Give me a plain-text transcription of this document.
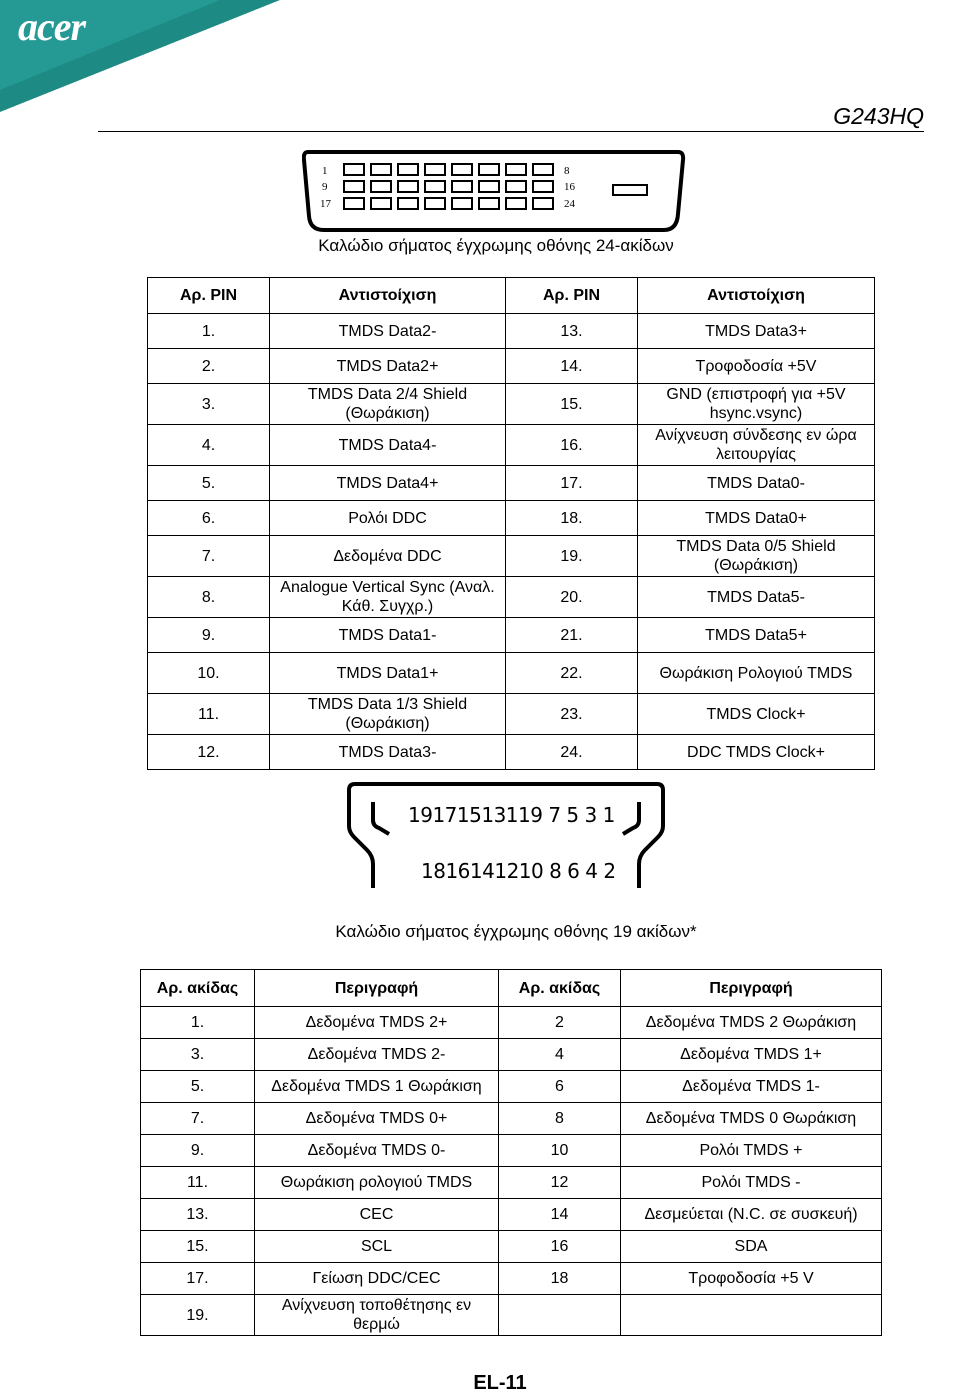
acer
G243HQ
1
9
17
8
16
24
Καλώδιο σήματος έγχρωμης οθόνης 24-ακίδων
Αρ. PIN	Αντιστοίχιση	Αρ. PIN	Αντιστοίχιση
1.	TMDS Data2-	13.	TMDS Data3+
2.	TMDS Data2+	14.	Τροφοδοσία +5V
3.	TMDS Data 2/4 Shield (Θωράκιση)	15.	GND (επιστροφή για +5V hsync.vsync)
4.	TMDS Data4-	16.	Ανίχνευση σύνδεσης εν ώρα λειτουργίας
5.	TMDS Data4+	17.	TMDS Data0-
6.	Ρολόι DDC	18.	TMDS Data0+
7.	Δεδομένα DDC	19.	TMDS Data 0/5 Shield (Θωράκιση)
8.	Analogue Vertical Sync (Αναλ. Κάθ. Συγχρ.)	20.	TMDS Data5-
9.	TMDS Data1-	21.	TMDS Data5+
10.	TMDS Data1+	22.	Θωράκιση Ρολογιού TMDS
11.	TMDS Data 1/3 Shield (Θωράκιση)	23.	TMDS Clock+
12.	TMDS Data3-	24.	DDC TMDS Clock+
19171513119 7 5 3 1
1816141210 8 6 4 2
Καλώδιο σήματος έγχρωμης οθόνης 19 ακίδων*
Αρ. ακίδας	Περιγραφή	Αρ. ακίδας	Περιγραφή
1.	Δεδομένα TMDS 2+	2	Δεδομένα TMDS 2 Θωράκιση
3.	Δεδομένα TMDS 2-	4	Δεδομένα TMDS 1+
5.	Δεδομένα TMDS 1 Θωράκιση	6	Δεδομένα TMDS 1-
7.	Δεδομένα TMDS 0+	8	Δεδομένα TMDS 0 Θωράκιση
9.	Δεδομένα TMDS 0-	10	Ρολόι TMDS +
11.	Θωράκιση ρολογιού TMDS	12	Ρολόι TMDS -
13.	CEC	14	Δεσμεύεται (N.C. σε συσκευή)
15.	SCL	16	SDA
17.	Γείωση DDC/CEC	18	Τροφοδοσία +5 V
19.	Ανίχνευση τοποθέτησης εν θερμώ		
EL-11
